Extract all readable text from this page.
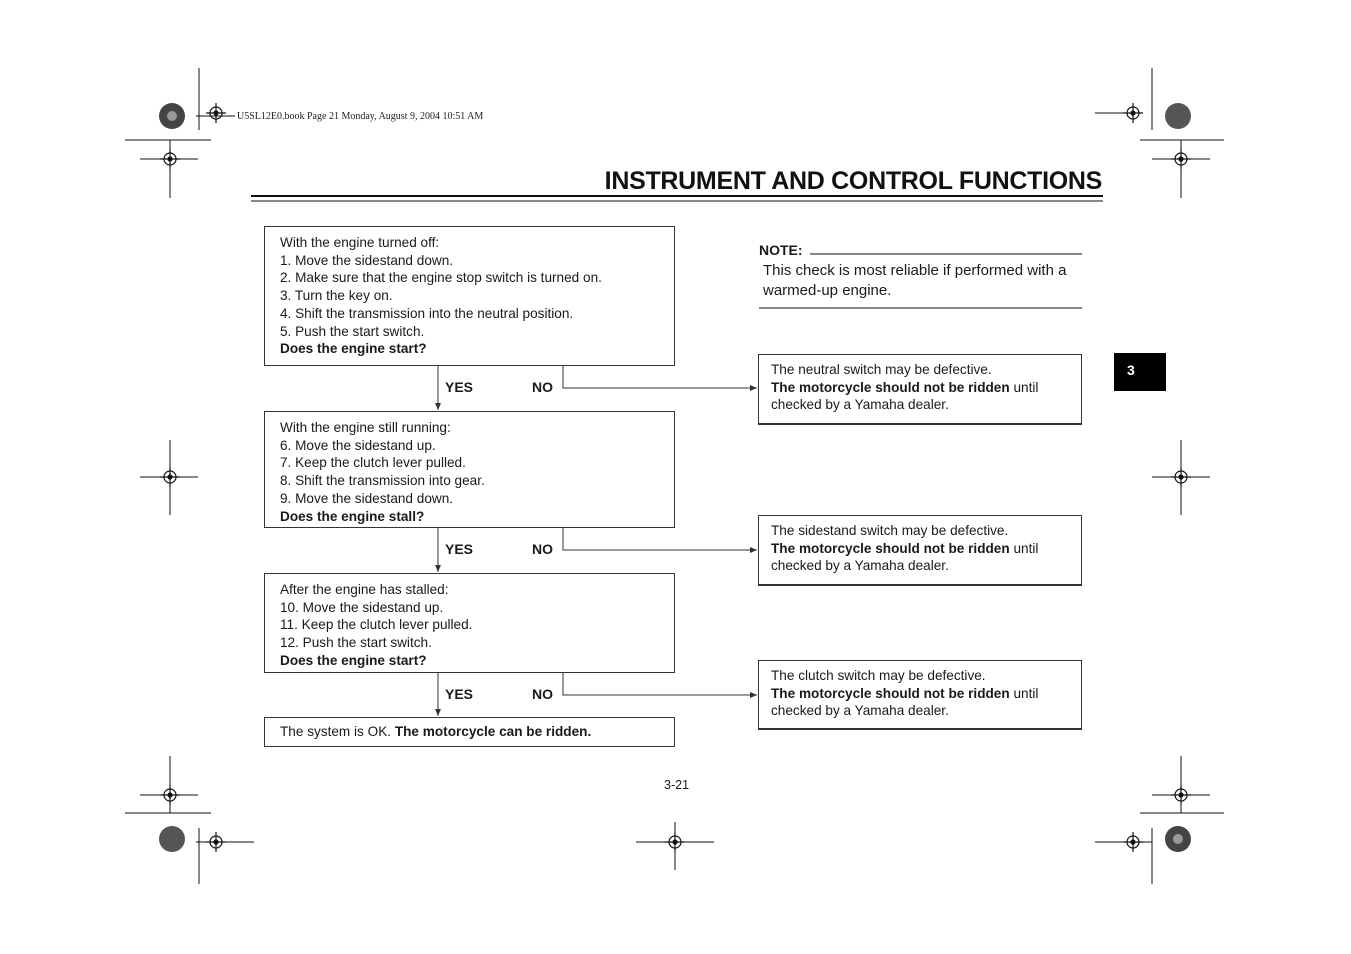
U5SL12E0.book Page 21 Monday, August 9, 2004 10:51 AM
INSTRUMENT AND CONTROL FUNCTIONS
With the engine turned off:
1. Move the sidestand down.
2. Make sure that the engine stop switch is turned on.
3. Turn the key on.
4. Shift the transmission into the neutral position.
5. Push the start switch.
Does the engine start?
With the engine still running:
6. Move the sidestand up.
7. Keep the clutch lever pulled.
8. Shift the transmission into gear.
9. Move the sidestand down.
Does the engine stall?
After the engine has stalled:
10. Move the sidestand up.
11. Keep the clutch lever pulled.
12. Push the start switch.
Does the engine start?
The system is OK. The motorcycle can be ridden.
YES	NO
YES	NO
YES	NO
The neutral switch may be defective.
The motorcycle should not be ridden until
checked by a Yamaha dealer.
The sidestand switch may be defective.
The motorcycle should not be ridden until
checked by a Yamaha dealer.
The clutch switch may be defective.
The motorcycle should not be ridden until
checked by a Yamaha dealer.
NOTE:
This check is most reliable if performed with a warmed-up engine.
3
3-21
